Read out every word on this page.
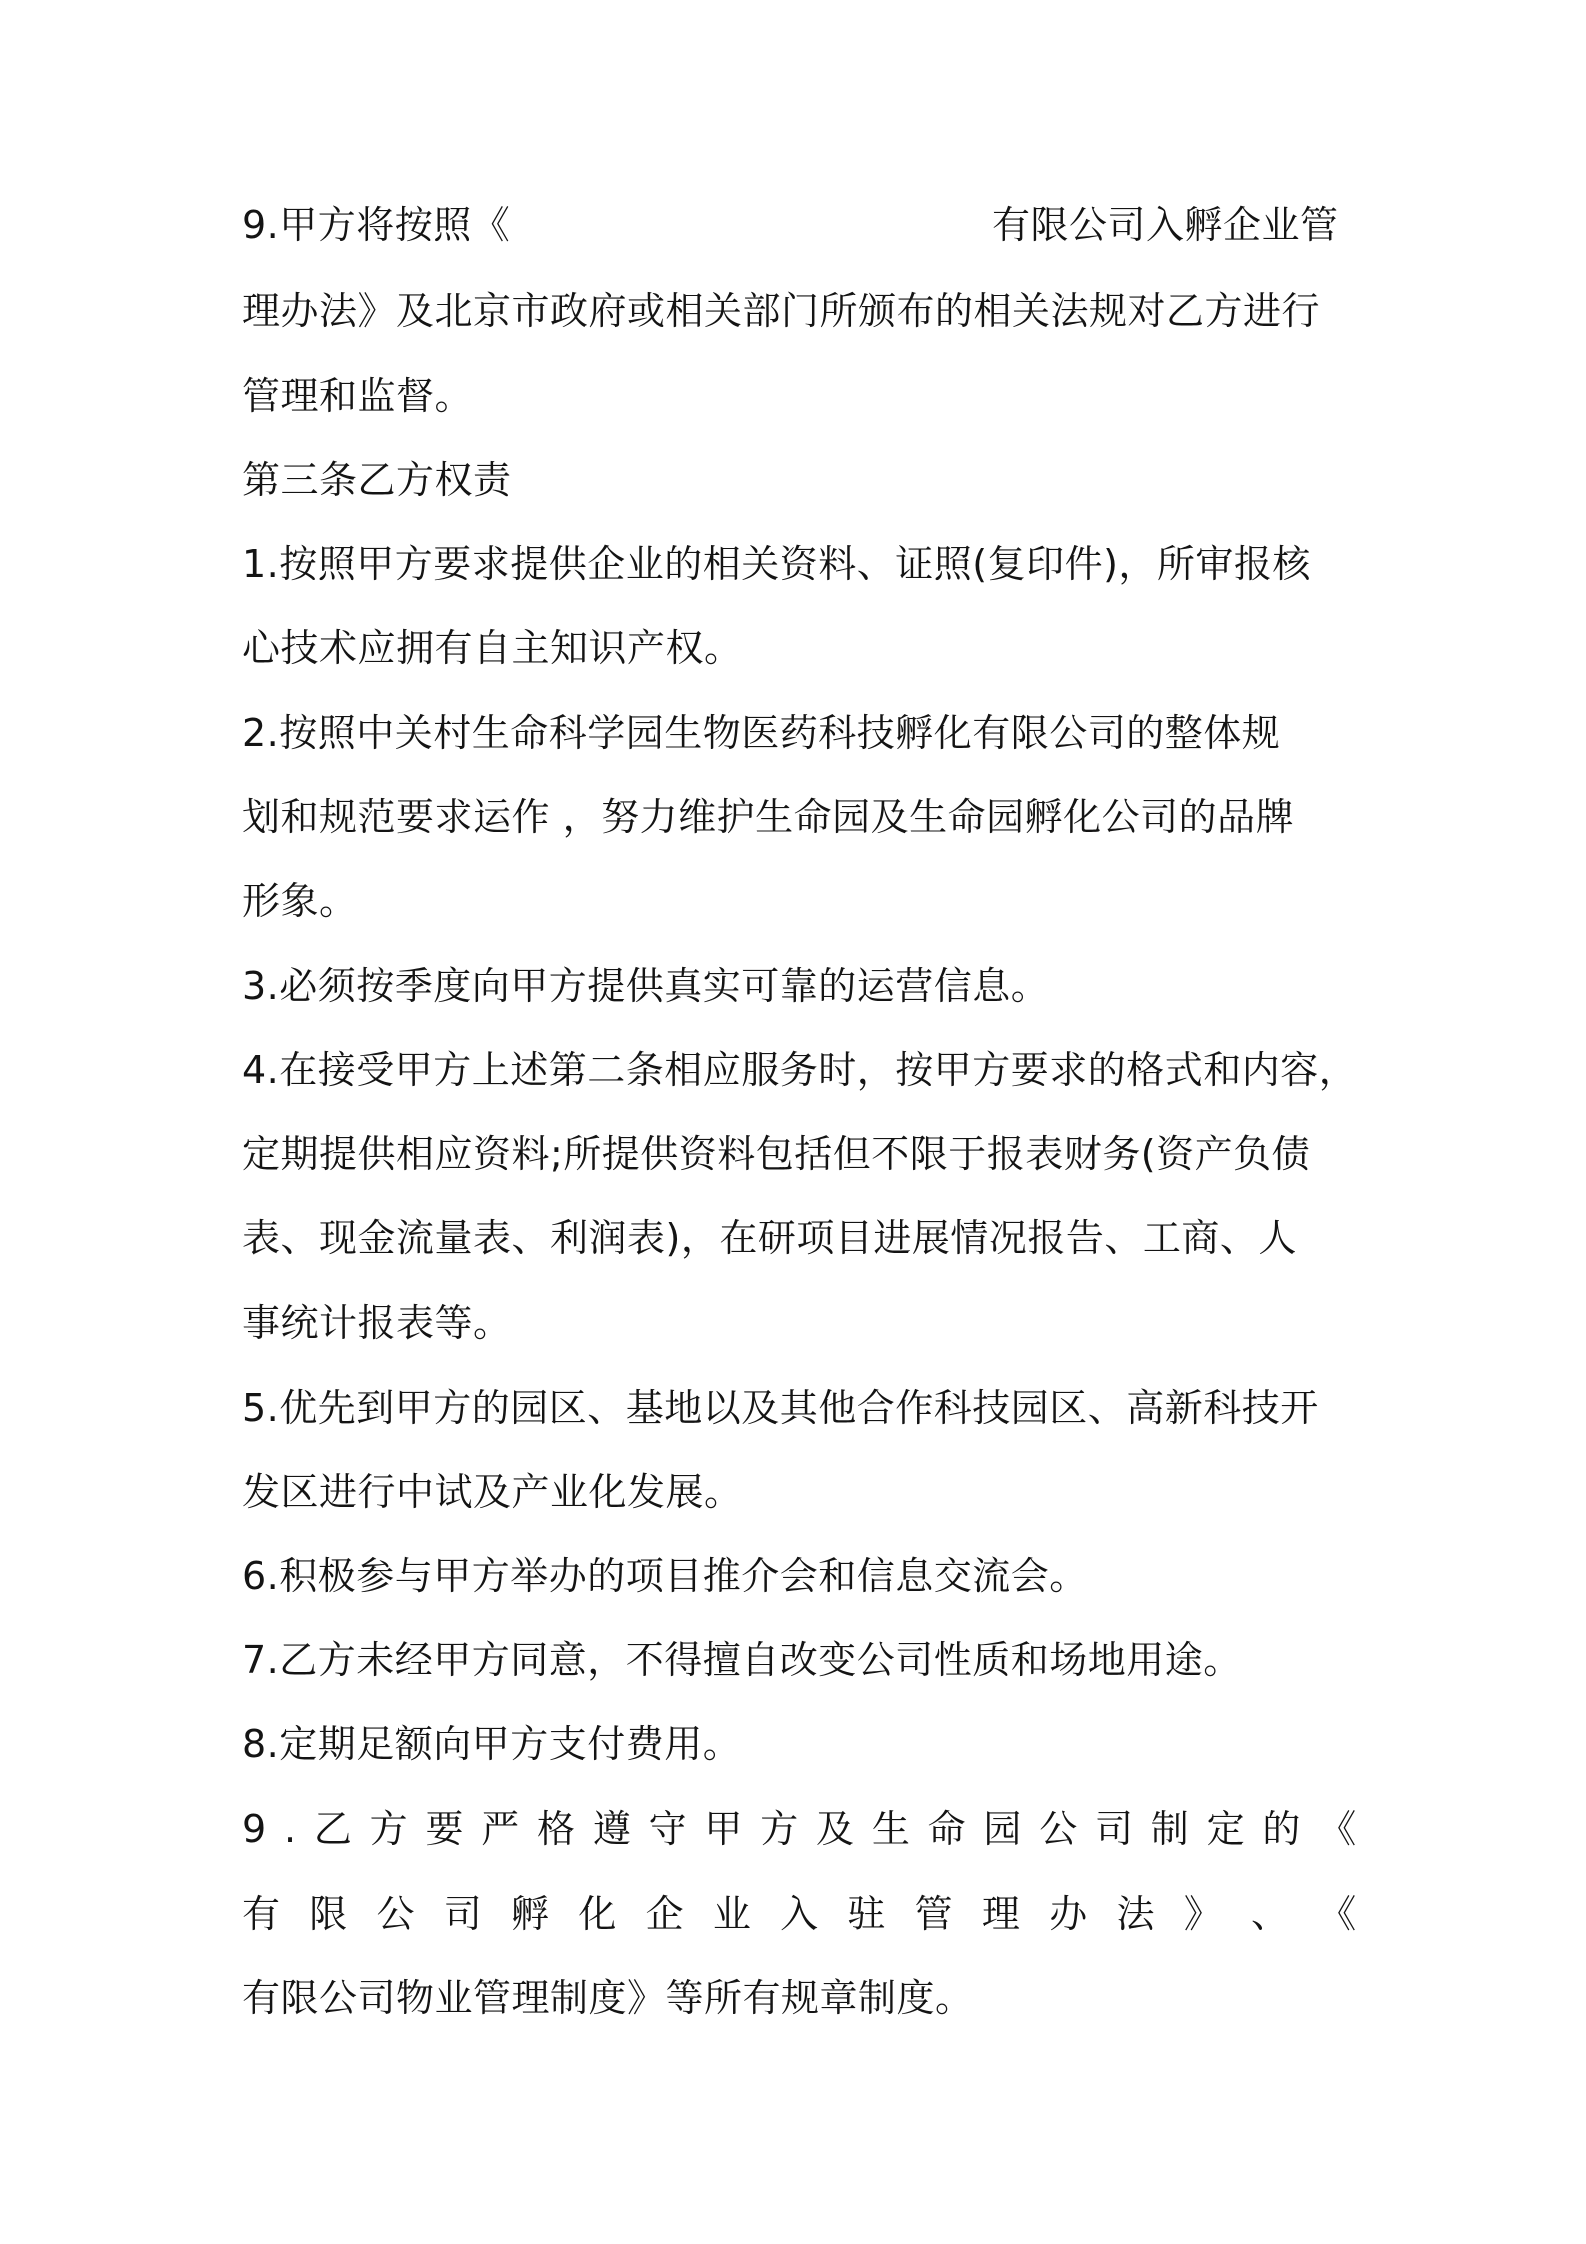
9.甲方将按照《	有限公司入孵企业管
理办法》及北京市政府或相关部门所颁布的相关法规对乙方进行
管理和监督。
第三条乙方权责
1.按照甲方要求提供企业的相关资料、证照(复印件)，所审报核
心技术应拥有自主知识产权。
2.按照中关村生命科学园生物医药科技孵化有限公司的整体规
划和规范要求运作 ，努力维护生命园及生命园孵化公司的品牌
形象。
3.必须按季度向甲方提供真实可靠的运营信息。
4.在接受甲方上述第二条相应服务时，按甲方要求的格式和内容，
定期提供相应资料;所提供资料包括但不限于报表财务(资产负债
表、现金流量表、利润表)，在研项目进展情况报告、工商、人
事统计报表等。
5.优先到甲方的园区、基地以及其他合作科技园区、高新科技开
发区进行中试及产业化发展。
6.积极参与甲方举办的项目推介会和信息交流会。
7.乙方未经甲方同意，不得擅自改变公司性质和场地用途。
8.定期足额向甲方支付费用。
9 . 乙 方 要 严 格 遵 守 甲 方 及 生 命 园 公 司 制 定 的 《
有 限 公 司 孵 化 企 业 入 驻 管 理 办 法 》 、 《
有限公司物业管理制度》等所有规章制度。
